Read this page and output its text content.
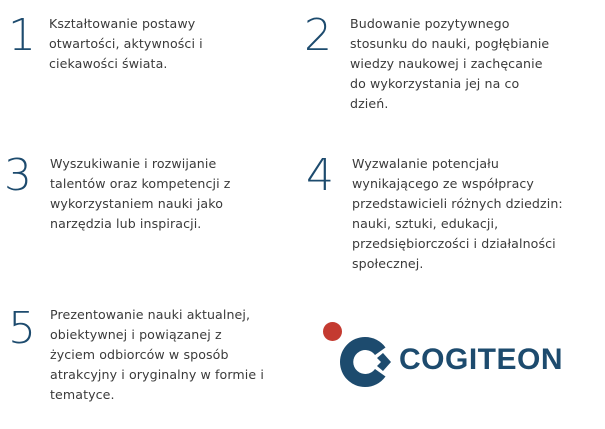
1 Kształtowanie postawy
otwartości, aktywności i
ciekawości świata.
2 Budowanie pozytywnego
stosunku do nauki, pogłębianie
wiedzy naukowej i zachęcanie
do wykorzystania jej na co
dzień.
3 Wyszukiwanie i rozwijanie
talentów oraz kompetencji z
wykorzystaniem nauki jako
narzędzia lub inspiracji.
4 Wyzwalanie potencjału
wynikającego ze współpracy
przedstawicieli różnych dziedzin:
nauki, sztuki, edukacji,
przedsiębiorczości i działalności
społecznej.
5 Prezentowanie nauki aktualnej,
obiektywnej i powiązanej z
życiem odbiorców w sposób
atrakcyjny i oryginalny w formie i
tematyce.
COGITEON
